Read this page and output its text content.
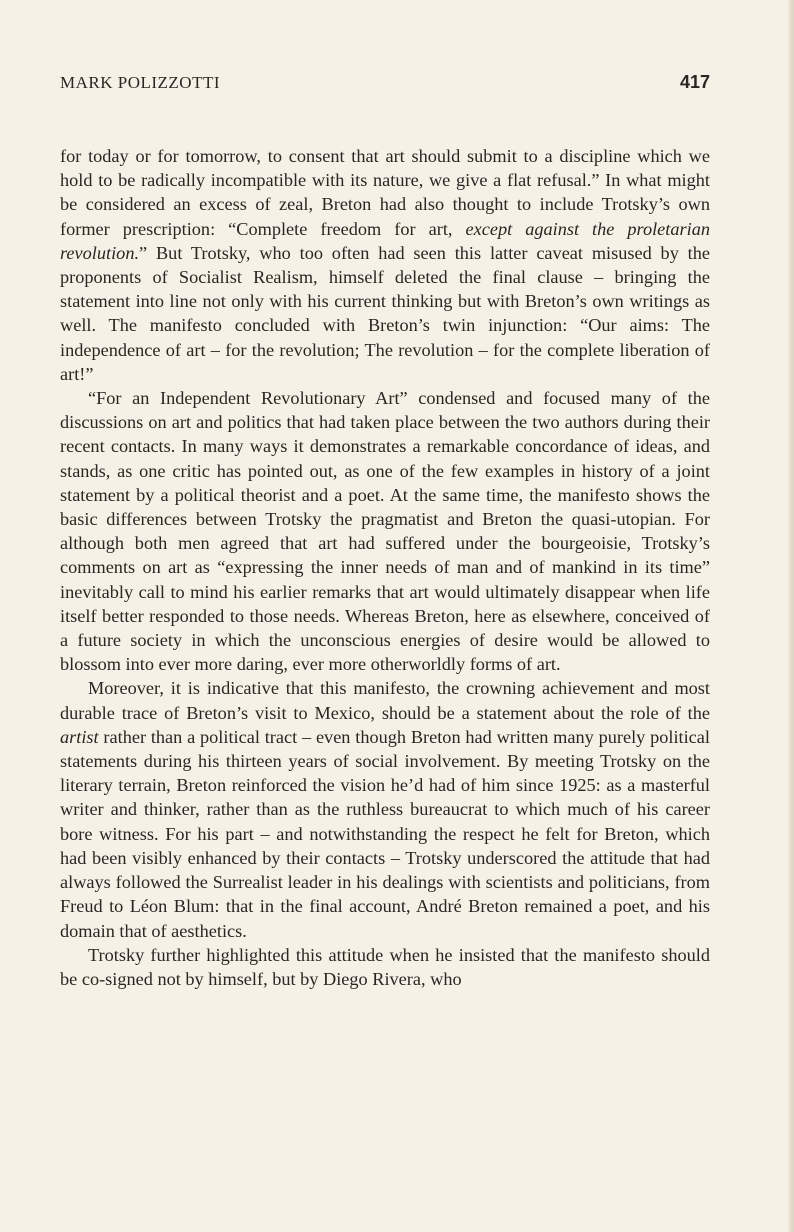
MARK POLIZZOTTI	417

for today or for tomorrow, to consent that art should submit to a discipline which we hold to be radically incompatible with its nature, we give a flat refusal.” In what might be considered an excess of zeal, Breton had also thought to include Trotsky’s own former prescription: “Complete freedom for art, except against the proletarian revolution.” But Trotsky, who too often had seen this latter caveat misused by the proponents of Socialist Realism, himself deleted the final clause – bringing the statement into line not only with his current thinking but with Breton’s own writings as well. The manifesto concluded with Breton’s twin injunction: “Our aims: The independence of art – for the revolution; The revolution – for the complete liberation of art!”

“For an Independent Revolutionary Art” condensed and focused many of the discussions on art and politics that had taken place between the two authors during their recent contacts. In many ways it demonstrates a remarkable concordance of ideas, and stands, as one critic has pointed out, as one of the few examples in history of a joint statement by a political theorist and a poet. At the same time, the manifesto shows the basic differences between Trotsky the pragmatist and Breton the quasi-utopian. For although both men agreed that art had suffered under the bourgeoisie, Trotsky’s comments on art as “expressing the inner needs of man and of mankind in its time” inevitably call to mind his earlier remarks that art would ultimately disappear when life itself better responded to those needs. Whereas Breton, here as elsewhere, conceived of a future society in which the unconscious energies of desire would be allowed to blossom into ever more daring, ever more otherworldly forms of art.

Moreover, it is indicative that this manifesto, the crowning achievement and most durable trace of Breton’s visit to Mexico, should be a statement about the role of the artist rather than a political tract – even though Breton had written many purely political statements during his thirteen years of social involvement. By meeting Trotsky on the literary terrain, Breton reinforced the vision he’d had of him since 1925: as a masterful writer and thinker, rather than as the ruthless bureaucrat to which much of his career bore witness. For his part – and notwithstanding the respect he felt for Breton, which had been visibly enhanced by their contacts – Trotsky underscored the attitude that had always followed the Surrealist leader in his dealings with scientists and politicians, from Freud to Léon Blum: that in the final account, André Breton remained a poet, and his domain that of aesthetics.

Trotsky further highlighted this attitude when he insisted that the manifesto should be co-signed not by himself, but by Diego Rivera, who
